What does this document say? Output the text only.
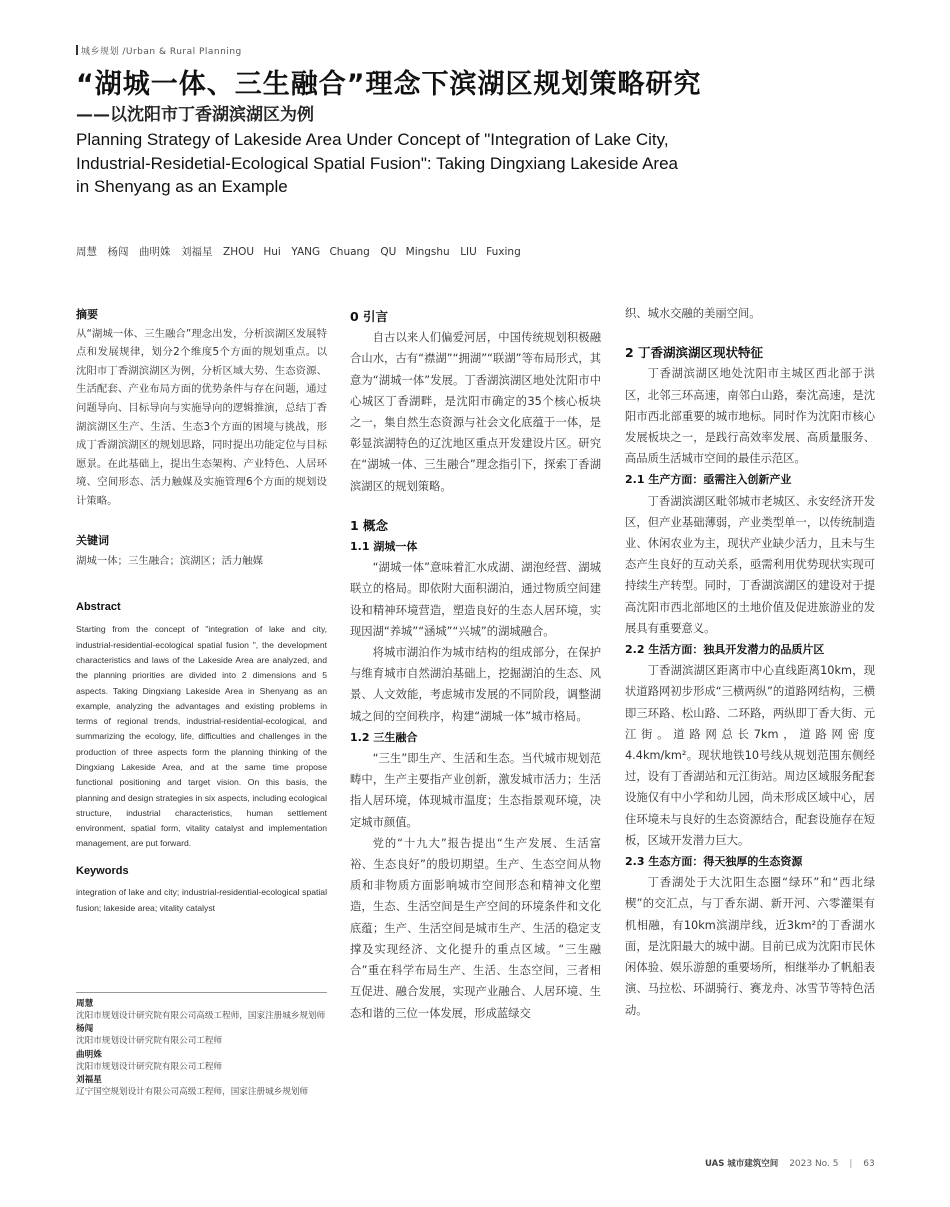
城乡规划 /Urban & Rural Planning
“湖城一体、三生融合”理念下滨湖区规划策略研究
——以沈阳市丁香湖滨湖区为例
Planning Strategy of Lakeside Area Under Concept of "Integration of Lake City,
Industrial-Residetial-Ecological Spatial Fusion": Taking Dingxiang Lakeside Area
in Shenyang as an Example
周慧　杨闯　曲明姝　刘福星　ZHOU Hui　YANG Chuang　QU Mingshu　LIU Fuxing
摘要

从“湖城一体、三生融合”理念出发，分析滨湖区发展特点和发展规律，划分2个维度5个方面的规划重点。以沈阳市丁香湖滨湖区为例，分析区域大势、生态资源、生活配套、产业布局方面的优势条件与存在问题，通过问题导向、目标导向与实施导向的逻辑推演，总结丁香湖滨湖区生产、生活、生态3个方面的困境与挑战，形成丁香湖滨湖区的规划思路，同时提出功能定位与目标愿景。在此基础上，提出生态架构、产业特色、人居环境、空间形态、活力触媒及实施管理6个方面的规划设计策略。

关键词

湖城一体；三生融合；滨湖区；活力触媒

Abstract

Starting from the concept of "integration of lake and city, industrial-residential-ecological spatial fusion ", the development characteristics and laws of the Lakeside Area are analyzed, and the planning priorities are divided into 2 dimensions and 5 aspects. Taking Dingxiang Lakeside Area in Shenyang as an example, analyzing the advantages and existing problems in terms of regional trends, industrial-residential-ecological, and summarizing the ecology, life, difficulties and challenges in the production of three aspects form the planning thinking of the Dingxiang Lakeside Area, and at the same time propose functional positioning and target vision. On this basis, the planning and design strategies in six aspects, including ecological structure, industrial characteristics, human settlement environment, spatial form, vitality catalyst and implementation management, are put forward.

Keywords

integration of lake and city; industrial-residential-ecological spatial fusion; lakeside area; vitality catalyst

周慧
沈阳市规划设计研究院有限公司高级工程师，国家注册城乡规划师
杨闯
沈阳市规划设计研究院有限公司工程师
曲明姝
沈阳市规划设计研究院有限公司工程师
刘福星
辽宁国空规划设计有限公司高级工程师，国家注册城乡规划师

0 引言

自古以来人们偏爱河居，中国传统规划积极融合山水，古有“襟湖”“拥湖”“联湖”等布局形式，其意为“湖城一体”发展。丁香湖滨湖区地处沈阳市中心城区丁香湖畔，是沈阳市确定的35个核心板块之一，集自然生态资源与社会文化底蕴于一体，是彰显滨湖特色的辽沈地区重点开发建设片区。研究在“湖城一体、三生融合”理念指引下，探索丁香湖滨湖区的规划策略。

1 概念

1.1 湖城一体

“湖城一体”意味着汇水成湖、湖泡经营、湖城联立的格局。即依附大面积湖泊，通过物质空间建设和精神环境营造，塑造良好的生态人居环境，实现因湖“养城”“涵城”“兴城”的湖城融合。

将城市湖泊作为城市结构的组成部分，在保护与维育城市自然湖泊基础上，挖掘湖泊的生态、风景、人文效能，考虑城市发展的不同阶段，调整湖城之间的空间秩序，构建“湖城一体”城市格局。

1.2 三生融合

“三生”即生产、生活和生态。当代城市规划范畴中，生产主要指产业创新，激发城市活力；生活指人居环境，体现城市温度；生态指景观环境，决定城市颜值。

党的“十九大”报告提出“生产发展、生活富裕、生态良好”的殷切期望。生产、生态空间从物质和非物质方面影响城市空间形态和精神文化塑造，生态、生活空间是生产空间的环境条件和文化底蕴；生产、生活空间是城市生产、生活的稳定支撑及实现经济、文化提升的重点区域。“三生融合”重在科学布局生产、生活、生态空间，三者相互促进、融合发展，实现产业融合、人居环境、生态和谐的三位一体发展，形成蓝绿交

织、城水交融的美丽空间。

2 丁香湖滨湖区现状特征

丁香湖滨湖区地处沈阳市主城区西北部于洪区，北邻三环高速，南邻白山路，秦沈高速，是沈阳市西北部重要的城市地标。同时作为沈阳市核心发展板块之一，是践行高效率发展、高质量服务、高品质生活城市空间的最佳示范区。

2.1 生产方面：亟需注入创新产业

丁香湖滨湖区毗邻城市老城区、永安经济开发区，但产业基础薄弱，产业类型单一，以传统制造业、休闲农业为主，现状产业缺少活力，且未与生态产生良好的互动关系，亟需利用优势现状实现可持续生产转型。同时，丁香湖滨湖区的建设对于提高沈阳市西北部地区的土地价值及促进旅游业的发展具有重要意义。

2.2 生活方面：独具开发潜力的品质片区

丁香湖滨湖区距离市中心直线距离10km，现状道路网初步形成“三横两纵”的道路网结构，三横即三环路、松山路、二环路，两纵即丁香大街、元江街。道路网总长7km，道路网密度4.4km/km²。现状地铁10号线从规划范围东侧经过，设有丁香湖站和元江街站。周边区域服务配套设施仅有中小学和幼儿园，尚未形成区域中心，居住环境未与良好的生态资源结合，配套设施存在短板，区域开发潜力巨大。

2.3 生态方面：得天独厚的生态资源

丁香湖处于大沈阳生态圈“绿环”和“西北绿楔”的交汇点，与丁香东湖、新开河、六零灌渠有机相融，有10km滨湖岸线，近3km²的丁香湖水面，是沈阳最大的城中湖。目前已成为沈阳市民休闲体验、娱乐游憩的重要场所，相继举办了帆船表演、马拉松、环湖骑行、赛龙舟、冰雪节等特色活动。

UAS 城市建筑空间 2023 No. 5 | 63
